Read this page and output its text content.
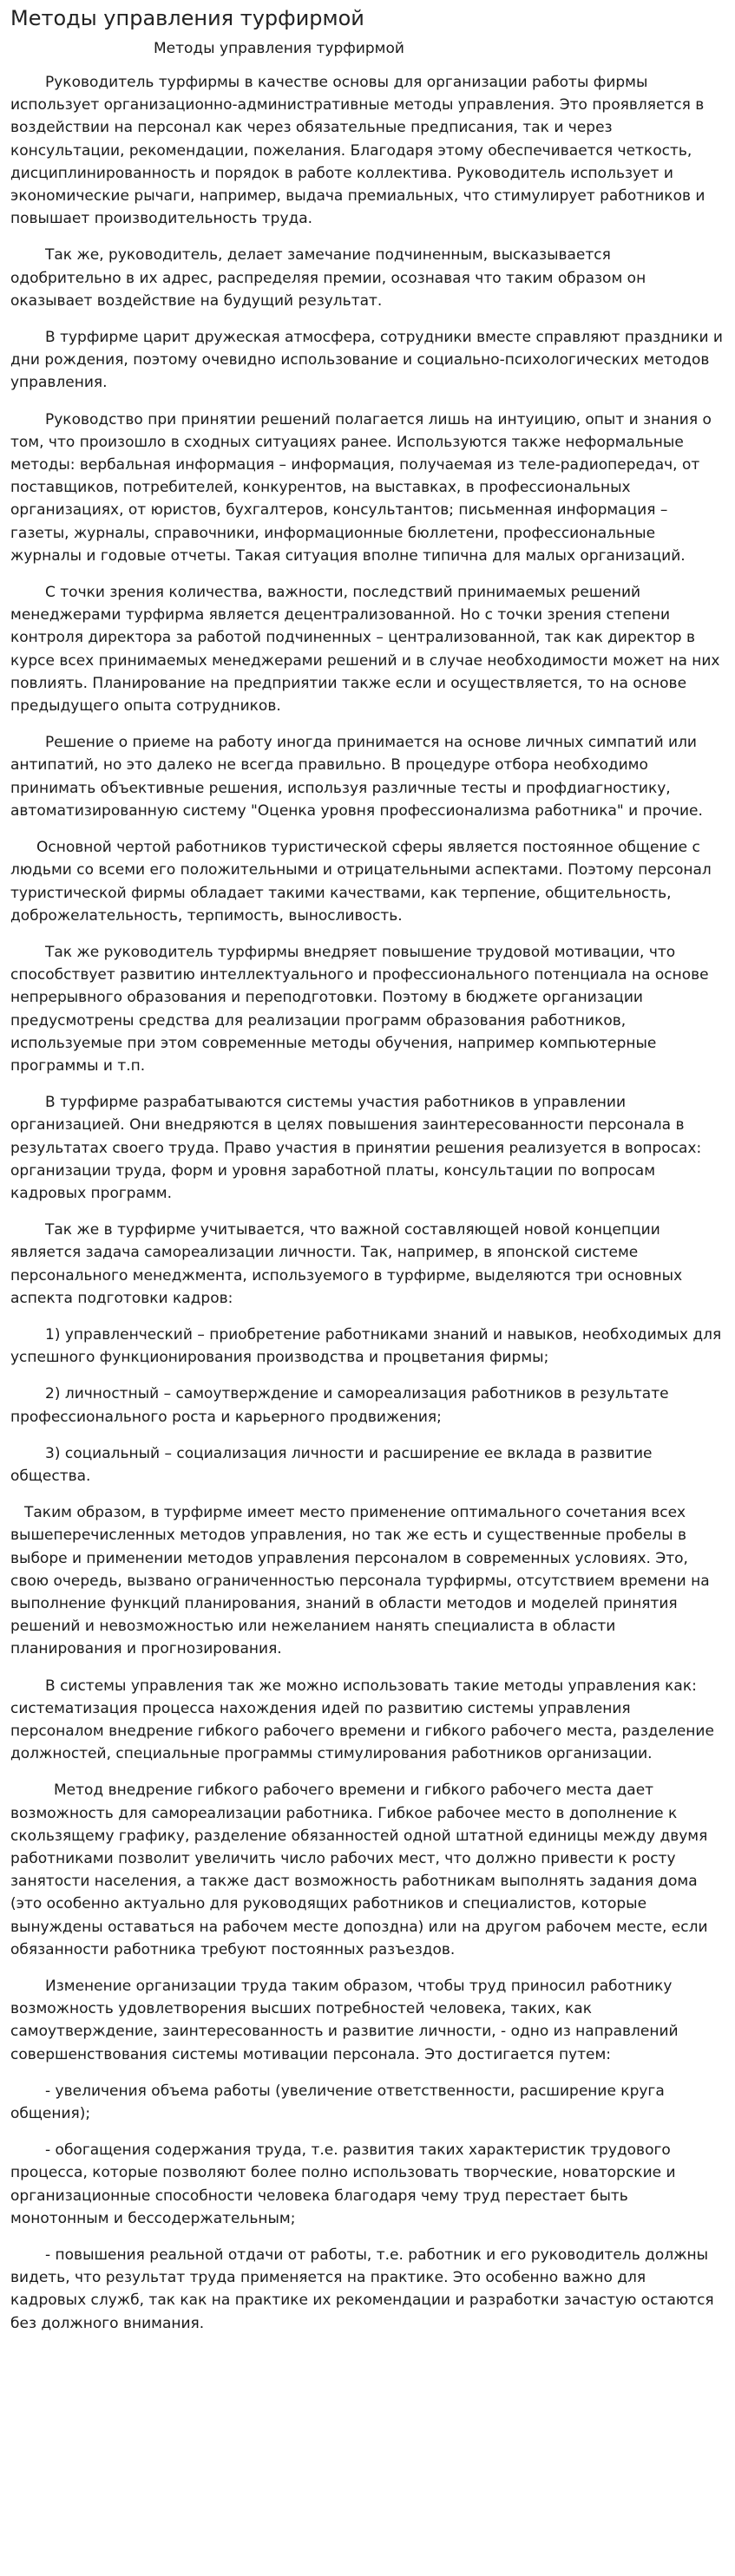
Методы управления турфирмой
Методы управления турфирмой

Руководитель турфирмы в качестве основы для организации работы фирмы использует организационно-административные методы управления. Это проявляется в воздействии на персонал как через обязательные предписания, так и через консультации, рекомендации, пожелания. Благодаря этому обеспечивается четкость, дисциплинированность и порядок в работе коллектива. Руководитель использует и экономические рычаги, например, выдача премиальных, что стимулирует работников и повышает производительность труда.

Так же, руководитель, делает замечание подчиненным, высказывается одобрительно в их адрес, распределяя премии, осознавая что таким образом он оказывает воздействие на будущий результат.

В турфирме царит дружеская атмосфера, сотрудники вместе справляют праздники и дни рождения, поэтому очевидно использование и социально-психологических методов управления.

Руководство при принятии решений полагается лишь на интуицию, опыт и знания о том, что произошло в сходных ситуациях ранее. Используются также неформальные методы: вербальная информация – информация, получаемая из теле-радиопередач, от поставщиков, потребителей, конкурентов, на выставках, в профессиональных организациях, от юристов, бухгалтеров, консультантов; письменная информация – газеты, журналы, справочники, информационные бюллетени, профессиональные журналы и годовые отчеты. Такая ситуация вполне типична для малых организаций.

С точки зрения количества, важности, последствий принимаемых решений менеджерами турфирма является децентрализованной. Но с точки зрения степени контроля директора за работой подчиненных – централизованной, так как директор в курсе всех принимаемых менеджерами решений и в случае необходимости может на них повлиять. Планирование на предприятии также если и осуществляется, то на основе предыдущего опыта сотрудников.

Решение о приеме на работу иногда принимается на основе личных симпатий или антипатий, но это далеко не всегда правильно. В процедуре отбора необходимо принимать объективные решения, используя различные тесты и профдиагностику, автоматизированную систему "Оценка уровня профессионализма работника" и прочие.

Основной чертой работников туристической сферы является постоянное общение с людьми со всеми его положительными и отрицательными аспектами. Поэтому персонал туристической фирмы обладает такими качествами, как терпение, общительность, доброжелательность, терпимость, выносливость.

Так же руководитель турфирмы внедряет повышение трудовой мотивации, что способствует развитию интеллектуального и профессионального потенциала на основе непрерывного образования и переподготовки. Поэтому в бюджете организации предусмотрены средства для реализации программ образования работников, используемые при этом современные методы обучения, например компьютерные программы и т.п.

В турфирме разрабатываются системы участия работников в управлении организацией. Они внедряются в целях повышения заинтересованности персонала в результатах своего труда. Право участия в принятии решения реализуется в вопросах: организации труда, форм и уровня заработной платы, консультации по вопросам кадровых программ.

Так же в турфирме учитывается, что важной составляющей новой концепции является задача самореализации личности. Так, например, в японской системе персонального менеджмента, используемого в турфирме, выделяются три основных аспекта подготовки кадров:

1) управленческий – приобретение работниками знаний и навыков, необходимых для успешного функционирования производства и процветания фирмы;

2) личностный – самоутверждение и самореализация работников в результате профессионального роста и карьерного продвижения;

3) социальный – социализация личности и расширение ее вклада в развитие общества.

Таким образом, в турфирме имеет место применение оптимального сочетания всех вышеперечисленных методов управления, но так же есть и существенные пробелы в выборе и применении методов управления персоналом в современных условиях. Это, свою очередь, вызвано ограниченностью персонала турфирмы, отсутствием времени на выполнение функций планирования, знаний в области методов и моделей принятия решений и невозможностью или нежеланием нанять специалиста в области планирования и прогнозирования.

В системы управления так же можно использовать такие методы управления как: систематизация процесса нахождения идей по развитию системы управления персоналом внедрение гибкого рабочего времени и гибкого рабочего места, разделение должностей, специальные программы стимулирования работников организации.

Метод внедрение гибкого рабочего времени и гибкого рабочего места дает возможность для самореализации работника. Гибкое рабочее место в дополнение к скользящему графику, разделение обязанностей одной штатной единицы между двумя работниками позволит увеличить число рабочих мест, что должно привести к росту занятости населения, а также даст возможность работникам выполнять задания дома (это особенно актуально для руководящих работников и специалистов, которые вынуждены оставаться на рабочем месте допоздна) или на другом рабочем месте, если обязанности работника требуют постоянных разъездов.

Изменение организации труда таким образом, чтобы труд приносил работнику возможность удовлетворения высших потребностей человека, таких, как самоутверждение, заинтересованность и развитие личности, - одно из направлений совершенствования системы мотивации персонала. Это достигается путем:

- увеличения объема работы (увеличение ответственности, расширение круга общения);

- обогащения содержания труда, т.е. развития таких характеристик трудового процесса, которые позволяют более полно использовать творческие, новаторские и организационные способности человека благодаря чему труд перестает быть монотонным и бессодержательным;

- повышения реальной отдачи от работы, т.е. работник и его руководитель должны видеть, что результат труда применяется на практике. Это особенно важно для кадровых служб, так как на практике их рекомендации и разработки зачастую остаются без должного внимания.
